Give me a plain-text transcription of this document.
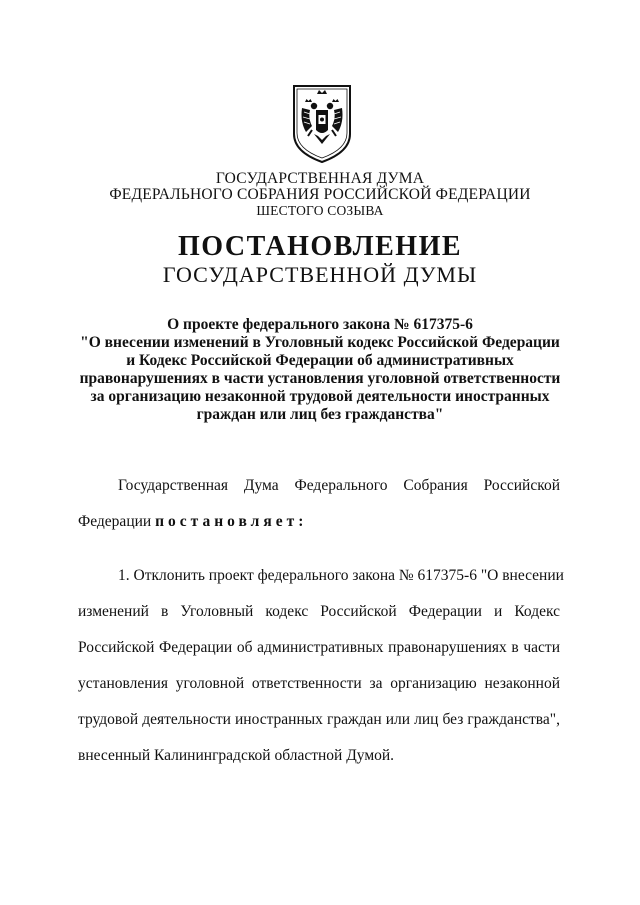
ГОСУДАРСТВЕННАЯ ДУМА
ФЕДЕРАЛЬНОГО СОБРАНИЯ РОССИЙСКОЙ ФЕДЕРАЦИИ
ШЕСТОГО СОЗЫВА
ПОСТАНОВЛЕНИЕ
ГОСУДАРСТВЕННОЙ ДУМЫ
О проекте федерального закона № 617375-6
"О внесении изменений в Уголовный кодекс Российской Федерации
и Кодекс Российской Федерации об административных
правонарушениях в части установления уголовной ответственности
за организацию незаконной трудовой деятельности иностранных
граждан или лиц без гражданства"
Государственная Дума Федерального Собрания Российской
Федерации постановляет:
1. Отклонить проект федерального закона № 617375-6 "О внесении
изменений в Уголовный кодекс Российской Федерации и Кодекс
Российской Федерации об административных правонарушениях в части
установления уголовной ответственности за организацию незаконной
трудовой деятельности иностранных граждан или лиц без гражданства",
внесенный Калининградской областной Думой.
